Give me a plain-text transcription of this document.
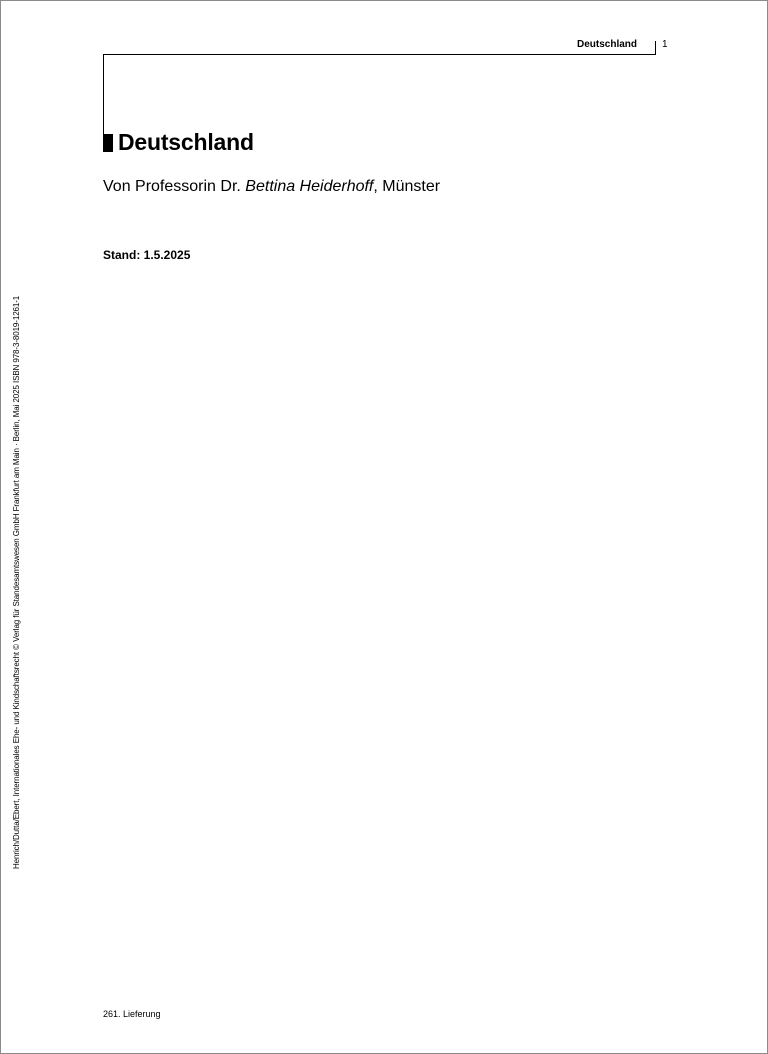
Deutschland	1
Deutschland
Von Professorin Dr. Bettina Heiderhoff, Münster
Stand: 1.5.2025
Henrich/Dutta/Ebert, Internationales Ehe- und Kindschaftsrecht © Verlag für Standesamtswesen GmbH Frankfurt am Main · Berlin, Mai 2025 ISBN 978-3-8019-1261-1
261. Lieferung
